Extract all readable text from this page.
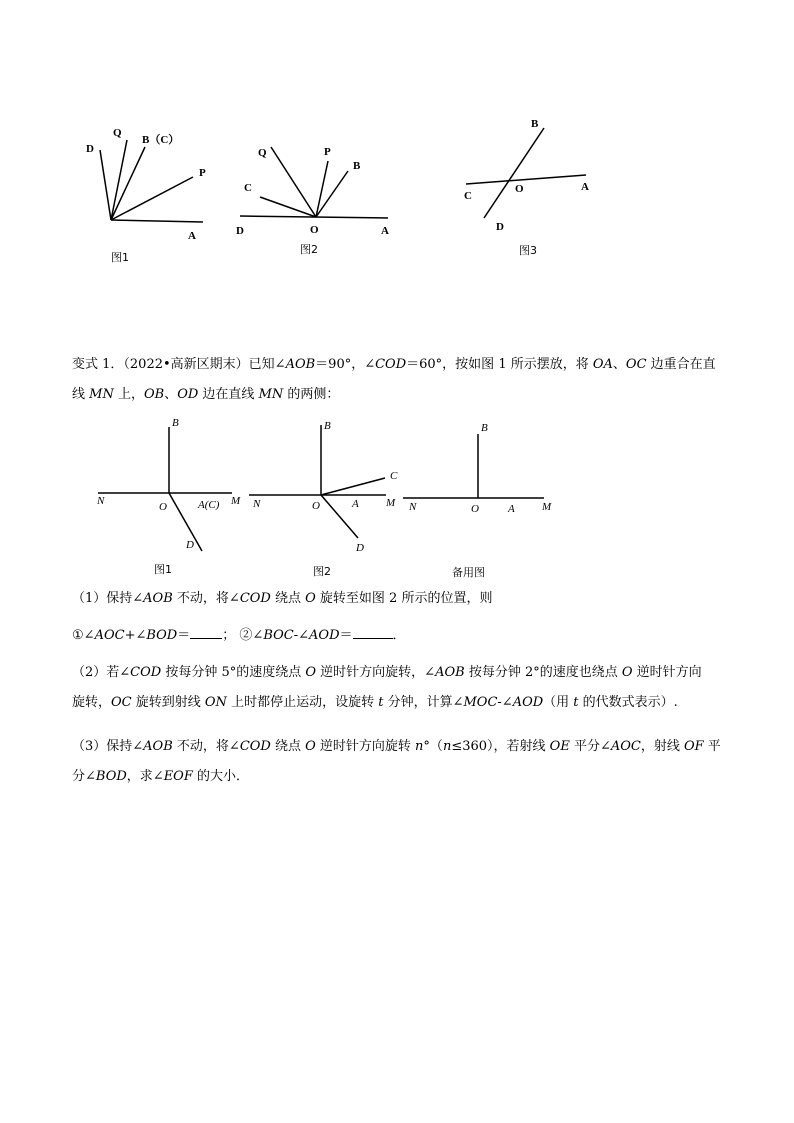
D
Q
B（C）
P
A
图1
Q	P
B
C
D	O	A
图2
B
C
O	A
D
图3
变式 1．（2022•高新区期末）已知∠AOB＝90°，∠COD＝60°，按如图 1 所示摆放，将 OA、OC 边重合在直
线 MN 上，OB、OD 边在直线 MN 的两侧：
B
N	O	A(C) M
D
图1
B
C
N	O	A M
D
图2
B
N	O	A M
备用图
（1）保持∠AOB 不动，将∠COD 绕点 O 旋转至如图 2 所示的位置，则
①∠AOC+∠BOD＝ ； ②∠BOC-∠AOD＝	．
（2）若∠COD 按每分钟 5°的速度绕点 O 逆时针方向旋转，∠AOB 按每分钟 2°的速度也绕点 O 逆时针方向
旋转，OC 旋转到射线 ON 上时都停止运动，设旋转 t 分钟，计算∠MOC-∠AOD（用 t 的代数式表示）.
（3）保持∠AOB 不动，将∠COD 绕点 O 逆时针方向旋转 n°（n≤360），若射线 OE 平分∠AOC，射线 OF 平
分∠BOD，求∠EOF 的大小．
